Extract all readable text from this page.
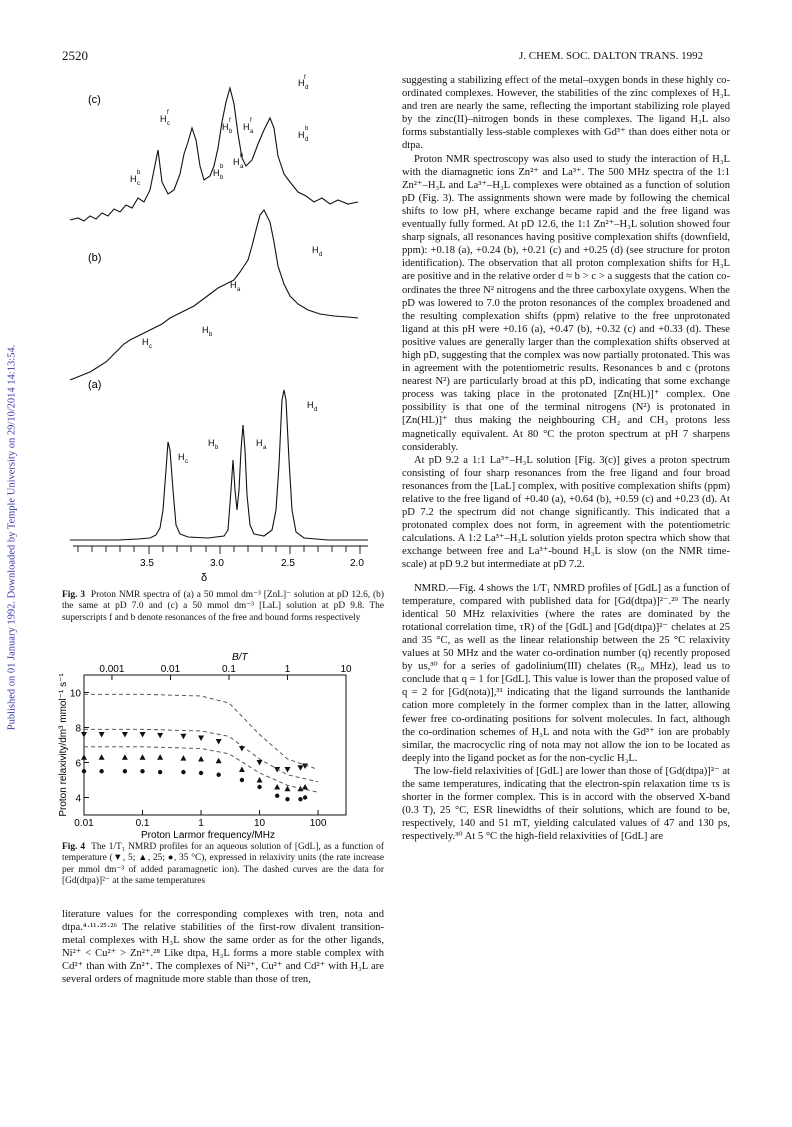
2520	J. CHEM. SOC. DALTON TRANS. 1992
Published on 01 January 1992. Downloaded by Temple University on 29/10/2014 14:13:54.
(c)
(b)
(a)
H d
f
H c
f
H b
f
H a
f
H d
b
H a
b
H b
b
H c
b
H d
H a
H b
H c
H d
H b	H a
H c
3.5	3.0	2.5	2.0
δ
Fig. 3 Proton NMR spectra of (a) a 50 mmol dm⁻³ [ZnL]⁻ solution at pD 12.6, (b) the same at pD 7.0 and (c) a 50 mmol dm⁻³ [LaL] solution at pD 9.8. The superscripts f and b denote resonances of the free and bound forms respectively
B/T
Proton Larmor frequency/MHz
Proton relaxivity/dm³ mmol⁻¹ s⁻¹
0.01	0.1	1	10	100
0.001	0.01	0.1	1	10
4
6
8
10
Fig. 4 The 1/T₁ NMRD profiles for an aqueous solution of [GdL], as a function of temperature (▼, 5; ▲, 25; ●, 35 °C), expressed in relaxivity units (the rate increase per mmol dm⁻³ of added paramagnetic ion). The dashed curves are the data for [Gd(dtpa)]²⁻ at the same temperatures

literature values for the corresponding complexes with tren, nota and dtpa.⁴·¹¹·²⁵·²⁶ The relative stabilities of the first-row divalent transition-metal complexes with H₃L show the same order as for the other ligands, Ni²⁺ < Cu²⁺ > Zn²⁺.²⁸ Like dtpa, H₃L forms a more stable complex with Cd²⁺ than with Zn²⁺. The complexes of Ni²⁺, Cu²⁺ and Cd²⁺ with H₃L are several orders of magnitude more stable than those of tren,

suggesting a stabilizing effect of the metal–oxygen bonds in these highly co-ordinated complexes. However, the stabilities of the zinc complexes of H₃L and tren are nearly the same, reflecting the important stabilizing role played by the zinc(II)–nitrogen bonds in these complexes. The ligand H₃L also forms substantially less-stable complexes with Gd³⁺ than does either nota or dtpa.

Proton NMR spectroscopy was also used to study the interaction of H₃L with the diamagnetic ions Zn²⁺ and La³⁺. The 500 MHz spectra of the 1:1 Zn²⁺–H₃L and La³⁺–H₃L complexes were obtained as a function of solution pD (Fig. 3). The assignments shown were made by following the chemical shifts to low pH, where exchange became rapid and the free ligand was eventually fully formed. At pD 12.6, the 1:1 Zn²⁺–H₃L solution showed four sharp signals, all resonances having positive complexation shifts (downfield, ppm): +0.18 (a), +0.24 (b), +0.21 (c) and +0.25 (d) (see structure for proton identification). The observation that all proton complexation shifts for H₃L are positive and in the relative order d ≈ b > c > a suggests that the cation co-ordinates the three N² nitrogens and the three carboxylate oxygens. When the pD was lowered to 7.0 the proton resonances of the complex broadened and the resulting complexation shifts (ppm) relative to the free unprotonated ligand at this pH were +0.16 (a), +0.47 (b), +0.32 (c) and +0.33 (d). These positive values are generally larger than the complexation shifts observed at high pD, suggesting that the complex was now partially protonated. This was in agreement with the potentiometric results. Resonances b and c (protons nearest N²) are particularly broad at this pD, indicating that some exchange process was taking place in the protonated [Zn(HL)]⁺ complex. One possibility is that one of the terminal nitrogens (N²) is protonated in [Zn(HL)]⁺ thus making the neighbouring CH₂ and CH₃ protons less magnetically equivalent. At 80 °C the proton spectrum at pH 7 sharpens considerably.

At pD 9.2 a 1:1 La³⁺–H₃L solution [Fig. 3(c)] gives a proton spectrum consisting of four sharp resonances from the free ligand and four broad resonances from the [LaL] complex, with positive complexation shifts (ppm) relative to the free ligand of +0.40 (a), +0.64 (b), +0.59 (c) and +0.23 (d). At pD 7.2 the spectrum did not change significantly. This indicated that a protonated complex does not form, in agreement with the potentiometric calculations. A 1:2 La³⁺–H₃L solution yields proton spectra which show that exchange between free and La³⁺-bound H₃L is slow (on the NMR time-scale) at pD 9.2 but intermediate at pD 7.2.

NMRD.—Fig. 4 shows the 1/T₁ NMRD profiles of [GdL] as a function of temperature, compared with published data for [Gd(dtpa)]²⁻.²⁹ The nearly identical 50 MHz relaxivities (where the rates are dominated by the rotational correlation time, τR) of the [GdL] and [Gd(dtpa)]²⁻ chelates at 25 and 35 °C, as well as the linear relationship between the 25 °C relaxivity values at 50 MHz and the water co-ordination number (q) recently proposed by us,³⁰ for a series of gadolinium(III) chelates (R₅₀ MHz), lead us to conclude that q = 1 for [GdL]. This value is lower than the proposed value of q = 2 for [Gd(nota)],³¹ indicating that the ligand surrounds the lanthanide cation more completely in the former complex than in the latter, allowing fewer free co-ordinating positions for solvent molecules. In fact, although the co-ordination schemes of H₃L and nota with the Gd³⁺ ion are probably similar, the macrocyclic ring of nota may not allow the ion to be located as deeply into the ligand pocket as for the non-cyclic H₃L.

The low-field relaxivities of [GdL] are lower than those of [Gd(dtpa)]²⁻ at the same temperatures, indicating that the electron-spin relaxation time τs is shorter in the former complex. This is in accord with the observed X-band (0.3 T), 25 °C, ESR linewidths of their solutions, which are found to be, respectively, 140 and 51 mT, yielding calculated values of 47 and 130 ps, respectively.³⁰ At 5 °C the high-field relaxivities of [GdL] are
